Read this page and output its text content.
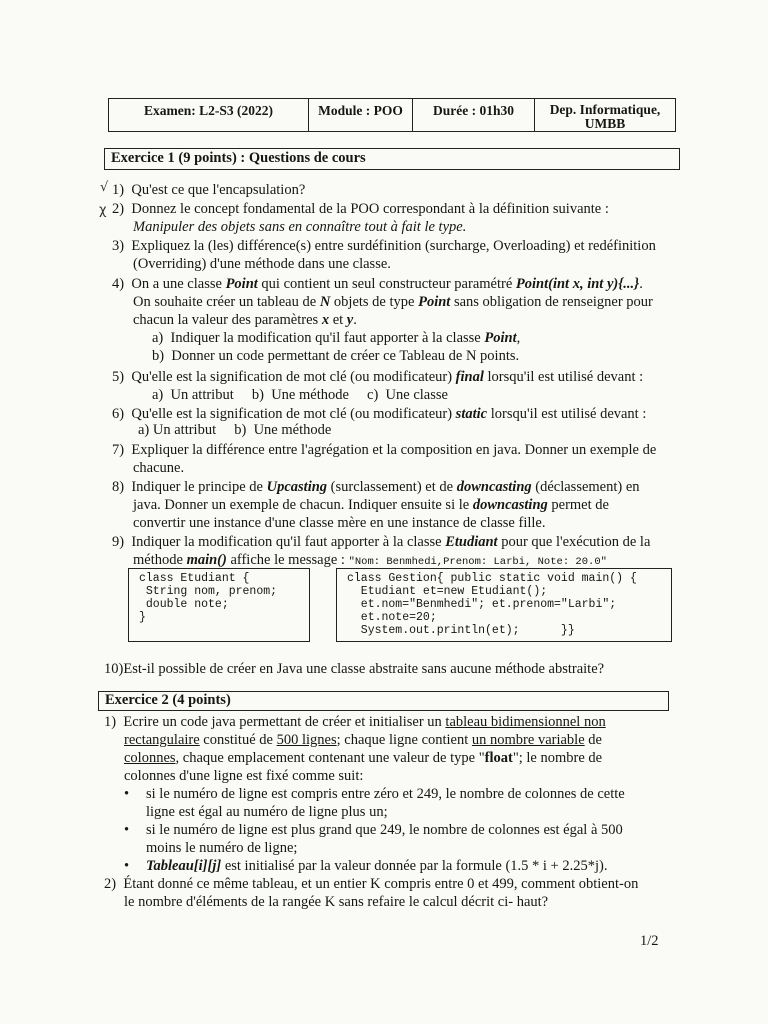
Examen: L2-S3 (2022)	Module : POO	Durée : 01h30	Dep. Informatique,
UMBB
Exercice 1 (9 points) : Questions de cours
√
χ
1) Qu'est ce que l'encapsulation?
2) Donnez le concept fondamental de la POO correspondant à la définition suivante :
Manipuler des objets sans en connaître tout à fait le type.
3) Expliquez la (les) différence(s) entre surdéfinition (surcharge, Overloading) et redéfinition
(Overriding) d'une méthode dans une classe.
4) On a une classe Point qui contient un seul constructeur paramétré Point(int x, int y){...}.
On souhaite créer un tableau de N objets de type Point sans obligation de renseigner pour
chacun la valeur des paramètres x et y.
a) Indiquer la modification qu'il faut apporter à la classe Point,
b) Donner un code permettant de créer ce Tableau de N points.
5) Qu'elle est la signification de mot clé (ou modificateur) final lorsqu'il est utilisé devant :
a)  Un attribut     b)  Une méthode     c)  Une classe
6) Qu'elle est la signification de mot clé (ou modificateur) static lorsqu'il est utilisé devant :
a) Un attribut     b)  Une méthode
7) Expliquer la différence entre l'agrégation et la composition en java. Donner un exemple de
chacune.
8) Indiquer le principe de Upcasting (surclassement) et de downcasting (déclassement) en
java. Donner un exemple de chacun. Indiquer ensuite si le downcasting permet de
convertir une instance d'une classe mère en une instance de classe fille.
9) Indiquer la modification qu'il faut apporter à la classe Etudiant pour que l'exécution de la
méthode main() affiche le message : "Nom: Benmhedi,Prenom: Larbi, Note: 20.0"
class Etudiant {
String nom, prenom;
double note;
}
class Gestion{ public static void main() {
Etudiant et=new Etudiant();
et.nom="Benmhedi"; et.prenom="Larbi";
et.note=20;
System.out.println(et);      }}
10)Est-il possible de créer en Java une classe abstraite sans aucune méthode abstraite?
Exercice 2 (4 points)
1) Ecrire un code java permettant de créer et initialiser un tableau bidimensionnel non
rectangulaire constitué de 500 lignes; chaque ligne contient un nombre variable de
colonnes, chaque emplacement contenant une valeur de type "float"; le nombre de
colonnes d'une ligne est fixé comme suit:
• si le numéro de ligne est compris entre zéro et 249, le nombre de colonnes de cette
ligne est égal au numéro de ligne plus un;
• si le numéro de ligne est plus grand que 249, le nombre de colonnes est égal à 500
moins le numéro de ligne;
• Tableau[i][j] est initialisé par la valeur donnée par la formule (1.5 * i + 2.25*j).
2) Étant donné ce même tableau, et un entier K compris entre 0 et 499, comment obtient-on
le nombre d'éléments de la rangée K sans refaire le calcul décrit ci- haut?
1/2
